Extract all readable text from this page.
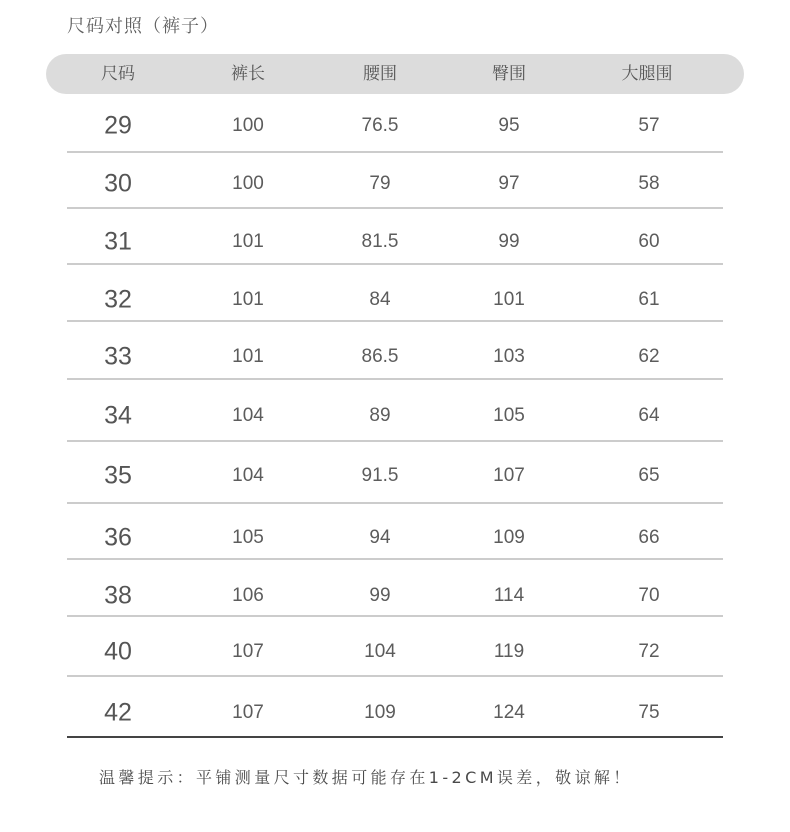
尺码对照（裤子）
尺码	裤长	腰围	臀围	大腿围
29	100	76.5	95	57
30	100	79	97	58
31	101	81.5	99	60
32	101	84	101	61
33	101	86.5	103	62
34	104	89	105	64
35	104	91.5	107	65
36	105	94	109	66
38	106	99	114	70
40	107	104	119	72
42	107	109	124	75
温馨提示：平铺测量尺寸数据可能存在1-2CM误差，敬谅解！
